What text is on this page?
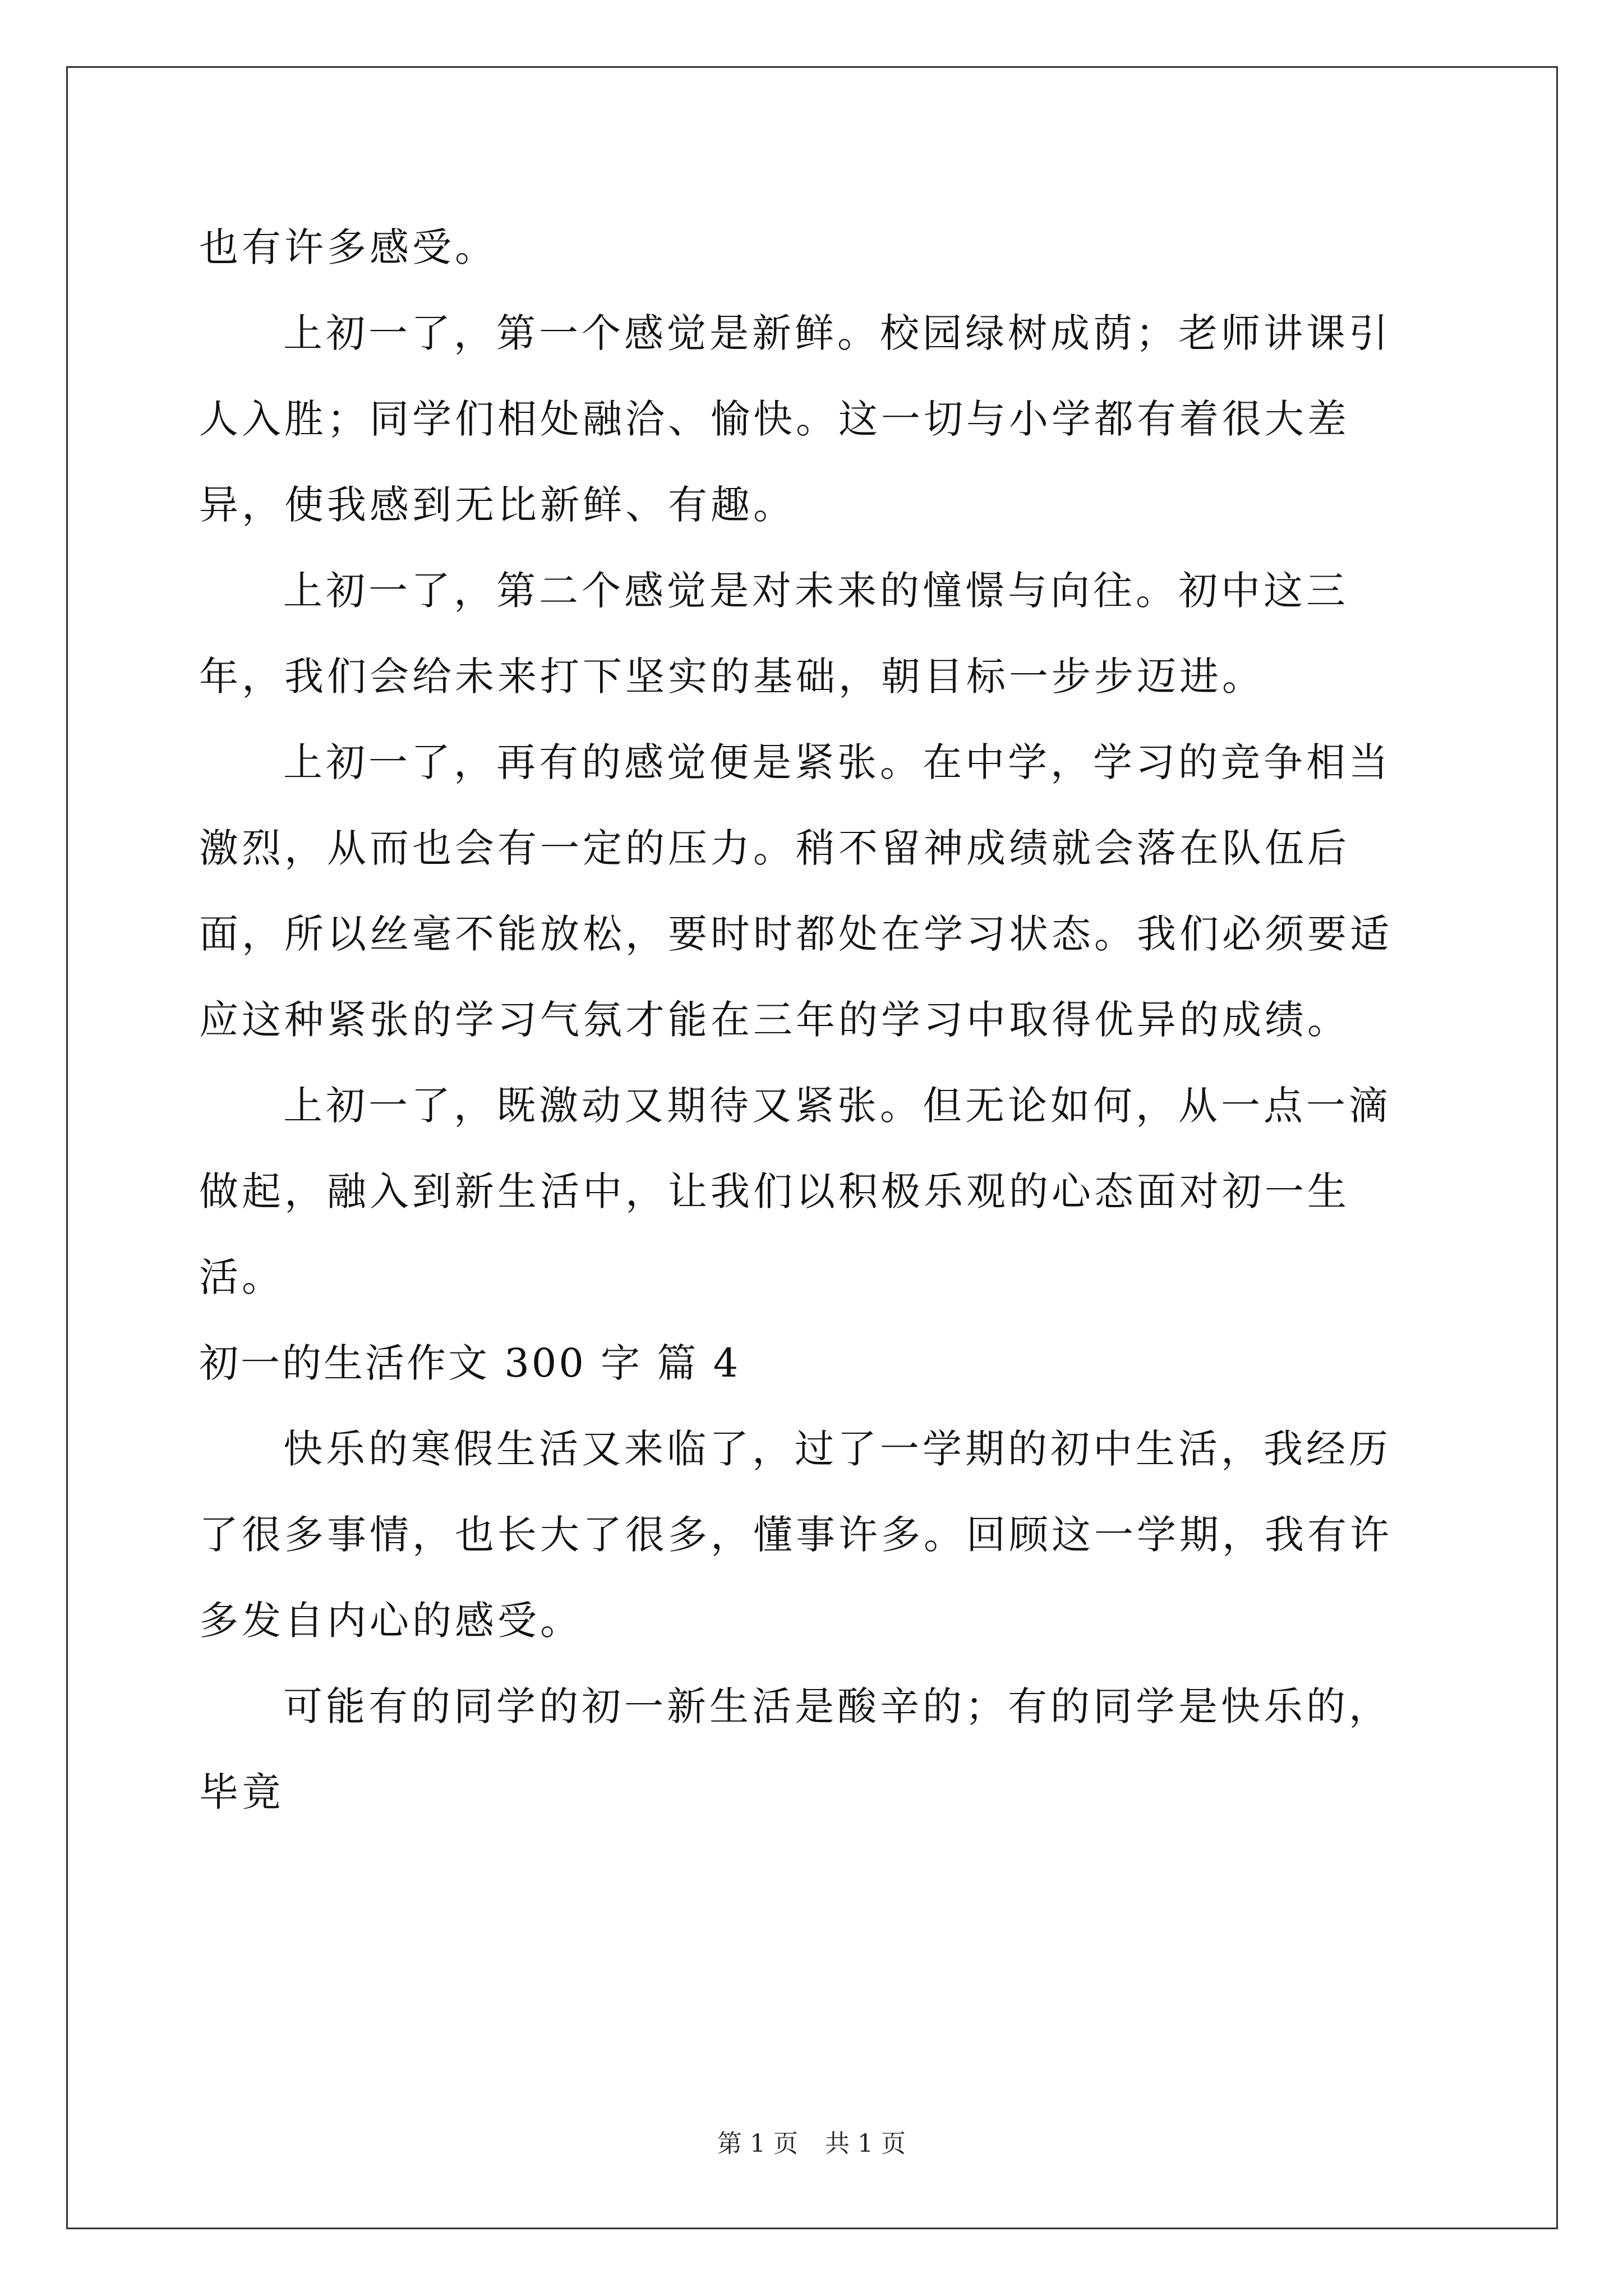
也有许多感受。

上初一了，第一个感觉是新鲜。校园绿树成荫；老师讲课引人入胜；同学们相处融洽、愉快。这一切与小学都有着很大差异，使我感到无比新鲜、有趣。

上初一了，第二个感觉是对未来的憧憬与向往。初中这三年，我们会给未来打下坚实的基础，朝目标一步步迈进。

上初一了，再有的感觉便是紧张。在中学，学习的竞争相当激烈，从而也会有一定的压力。稍不留神成绩就会落在队伍后面，所以丝毫不能放松，要时时都处在学习状态。我们必须要适应这种紧张的学习气氛才能在三年的学习中取得优异的成绩。

上初一了，既激动又期待又紧张。但无论如何，从一点一滴做起，融入到新生活中，让我们以积极乐观的心态面对初一生活。

初一的生活作文 300 字 篇 4

快乐的寒假生活又来临了，过了一学期的初中生活，我经历了很多事情，也长大了很多，懂事许多。回顾这一学期，我有许多发自内心的感受。

可能有的同学的初一新生活是酸辛的；有的同学是快乐的，毕竟

第 1 页 共 1 页
